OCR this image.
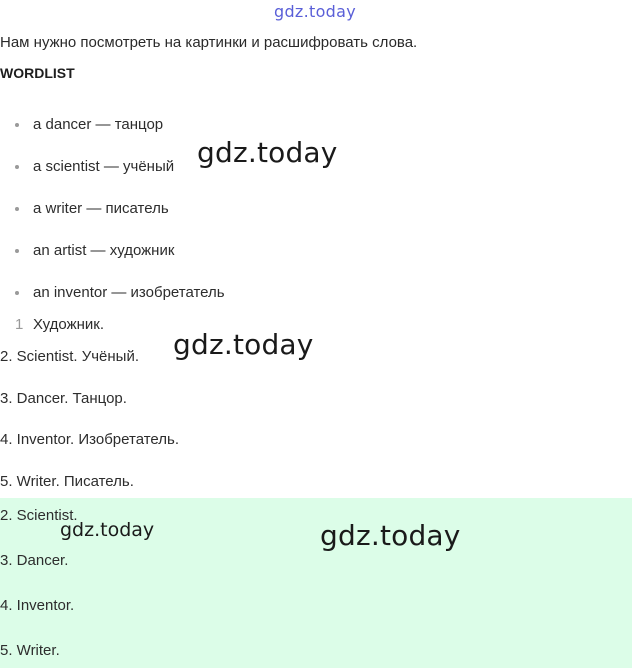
gdz.today
Нам нужно посмотреть на картинки и расшифровать слова.
WORDLIST
a dancer — танцор
a scientist — учёный
a writer — писатель
an artist — художник
an inventor — изобретатель
1 Художник.
2. Scientist. Учёный.
3. Dancer. Танцор.
4. Inventor. Изобретатель.
5. Writer. Писатель.
2. Scientist.
3. Dancer.
4. Inventor.
5. Writer.
gdz.today
gdz.today
gdz.today	gdz.today
